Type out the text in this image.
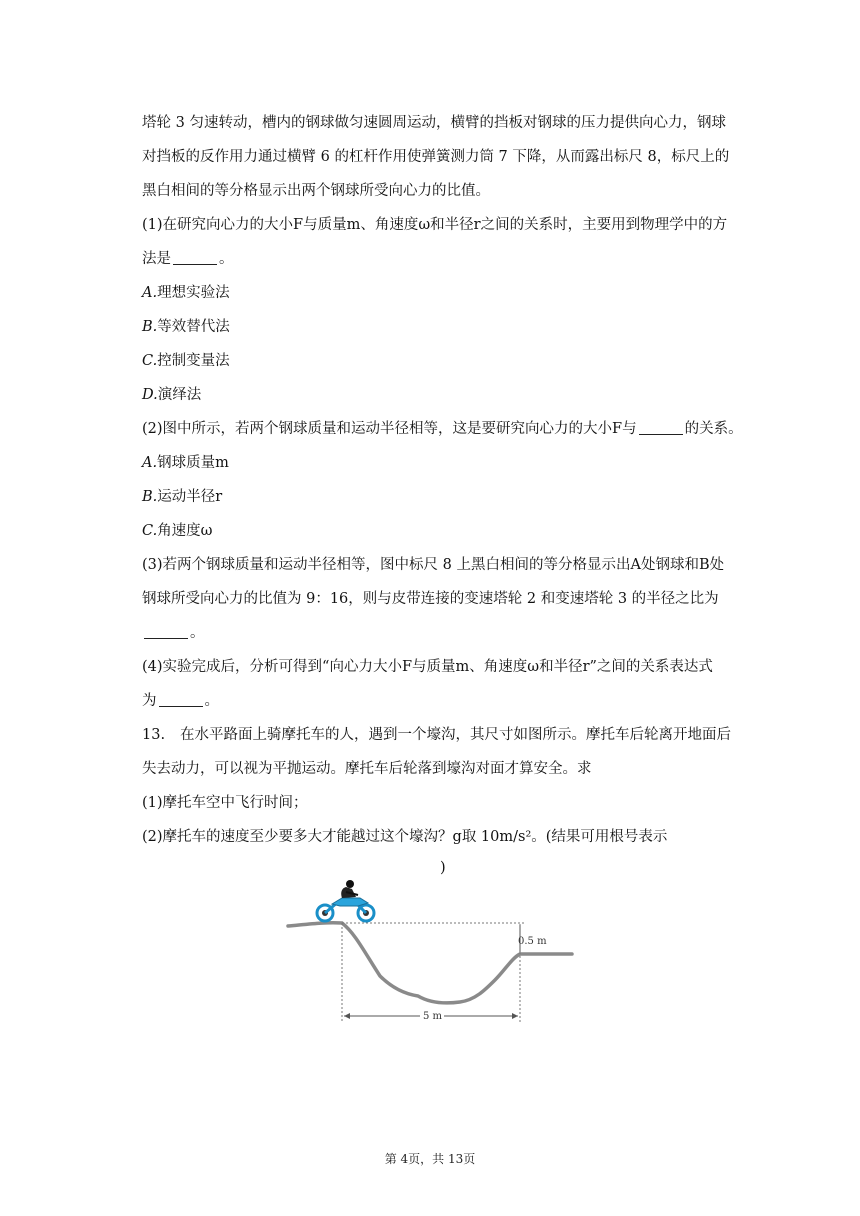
塔轮 3 匀速转动，槽内的钢球做匀速圆周运动，横臂的挡板对钢球的压力提供向心力，钢球
对挡板的反作用力通过横臂 6 的杠杆作用使弹簧测力筒 7 下降，从而露出标尺 8，标尺上的
黑白相间的等分格显示出两个钢球所受向心力的比值。
(1)在研究向心力的大小F与质量m、角速度ω和半径r之间的关系时，主要用到物理学中的方
法是	。
A.理想实验法
B.等效替代法
C.控制变量法
D.演绎法
(2)图中所示，若两个钢球质量和运动半径相等，这是要研究向心力的大小F与	的关系。
A.钢球质量m
B.运动半径r
C.角速度ω
(3)若两个钢球质量和运动半径相等，图中标尺 8 上黑白相间的等分格显示出A处钢球和B处
钢球所受向心力的比值为 9：16，则与皮带连接的变速塔轮 2 和变速塔轮 3 的半径之比为
。
(4)实验完成后，分析可得到“向心力大小F与质量m、角速度ω和半径r”之间的关系表达式
为	。
13. 在水平路面上骑摩托车的人，遇到一个壕沟，其尺寸如图所示。摩托车后轮离开地面后
失去动力，可以视为平抛运动。摩托车后轮落到壕沟对面才算安全。求
(1)摩托车空中飞行时间；
(2)摩托车的速度至少要多大才能越过这个壕沟？g取 10m/s²。(结果可用根号表示
)
0.5 m
5 m
第 4页，共 13页
